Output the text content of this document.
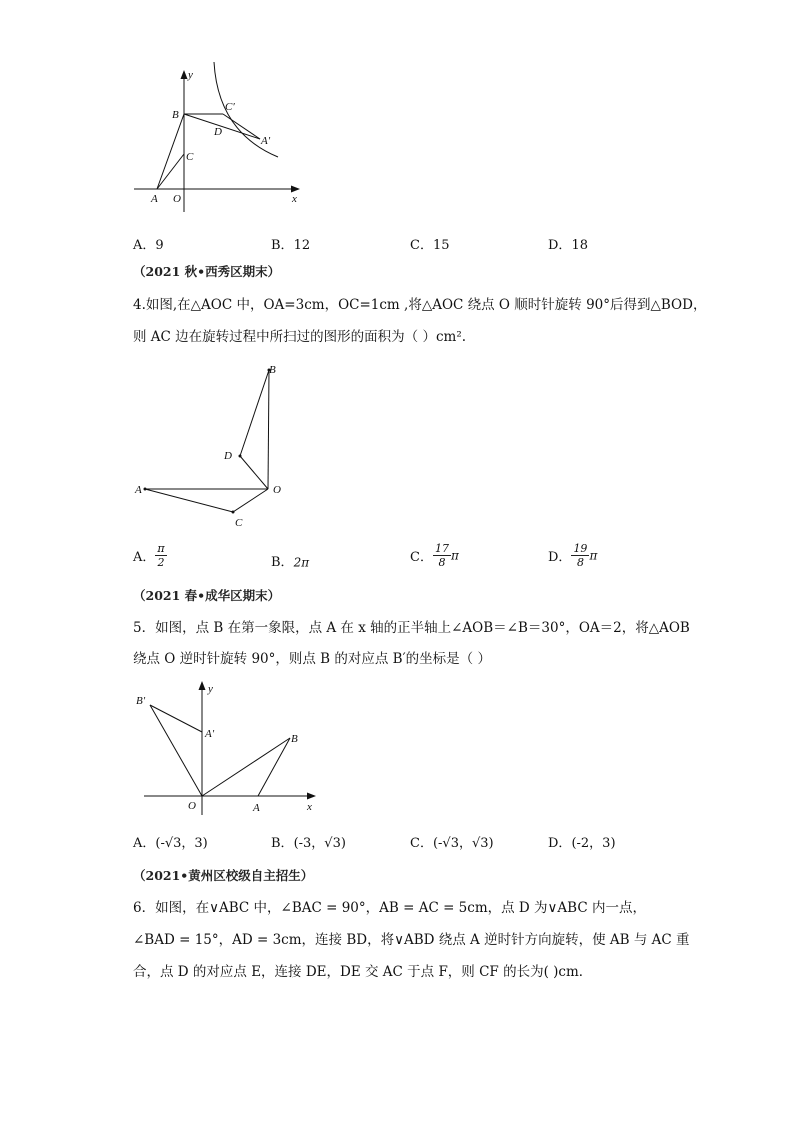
y
B
C′
D
A′
C
A O	x
A．9	B．12	C．15	D．18
（2021 秋•西秀区期末）
4.如图,在△AOC 中，OA=3cm，OC=1cm ,将△AOC 绕点 O 顺时针旋转 90°后得到△BOD，
则 AC 边在旋转过程中所扫过的图形的面积为（ ）cm².
B
D
A	O
C
A． $\frac{\pi}{2}$	B．2π	C． $\frac{17}{8}$ π	D． $\frac{19}{8}$ π
（2021 春•成华区期末）
5．如图，点 B 在第一象限，点 A 在 x 轴的正半轴上∠AOB＝∠B＝30°，OA＝2，将△AOB
绕点 O 逆时针旋转 90°，则点 B 的对应点 B′的坐标是（ ）
y
B′
A′	B
O	A	x
A．(-√3，3)	B．(-3，√3)	C．(-√3，√3)	D．(-2，3)
（2021•黄州区校级自主招生）
6．如图，在∨ABC 中，∠BAC = 90°，AB = AC = 5cm，点 D 为∨ABC 内一点，
∠BAD = 15°，AD = 3cm，连接 BD，将∨ABD 绕点 A 逆时针方向旋转，使 AB 与 AC 重
合，点 D 的对应点 E，连接 DE，DE 交 AC 于点 F，则 CF 的长为( )cm．
